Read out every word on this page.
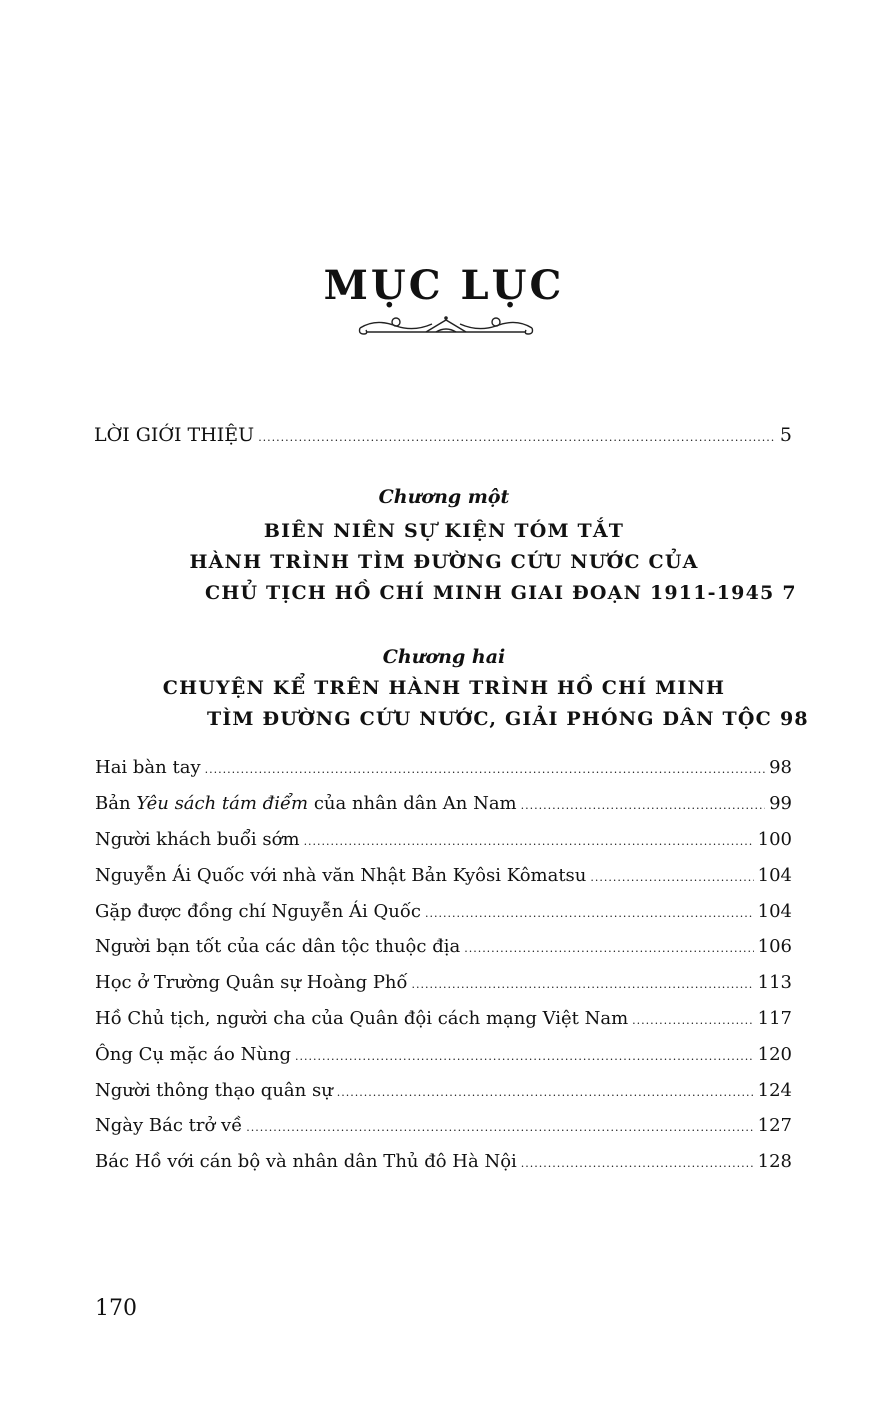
MỤC LỤC
LỜI GIỚI THIỆU .....	5
Chương một
BIÊN NIÊN SỰ KIỆN TÓM TẮT
HÀNH TRÌNH TÌM ĐƯỜNG CỨU NƯỚC CỦA
CHỦ TỊCH HỒ CHÍ MINH GIAI ĐOẠN 1911-1945 7
Chương hai
CHUYỆN KỂ TRÊN HÀNH TRÌNH HỒ CHÍ MINH
TÌM ĐƯỜNG CỨU NƯỚC, GIẢI PHÓNG DÂN TỘC 98
Hai bàn tay .....	98
Bản Yêu sách tám điểm của nhân dân An Nam .....	99
Người khách buổi sớm .....	100
Nguyễn Ái Quốc với nhà văn Nhật Bản Kyôsi Kômatsu .....	104
Gặp được đồng chí Nguyễn Ái Quốc .....	104
Người bạn tốt của các dân tộc thuộc địa .....	106
Học ở Trường Quân sự Hoàng Phố .....	113
Hồ Chủ tịch, người cha của Quân đội cách mạng Việt Nam .....	117
Ông Cụ mặc áo Nùng .....	120
Người thông thạo quân sự .....	124
Ngày Bác trở về .....	127
Bác Hồ với cán bộ và nhân dân Thủ đô Hà Nội .....	128
170
